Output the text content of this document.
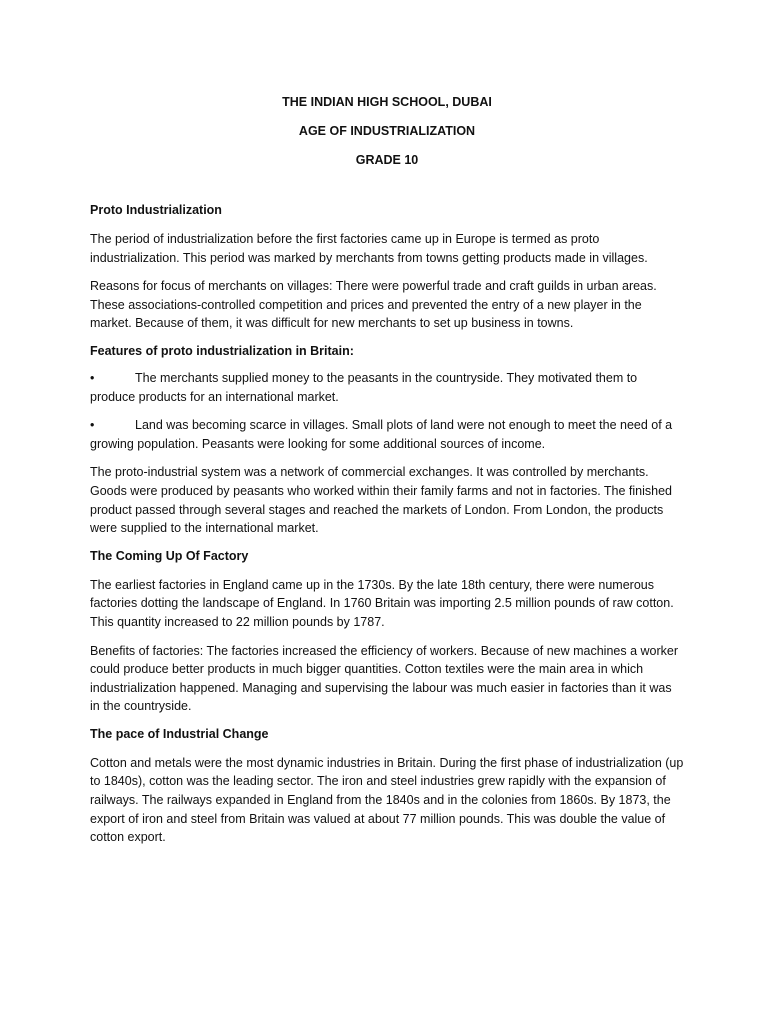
THE INDIAN HIGH SCHOOL, DUBAI

AGE OF INDUSTRIALIZATION

GRADE 10

Proto Industrialization

The period of industrialization before the first factories came up in Europe is termed as proto industrialization. This period was marked by merchants from towns getting products made in villages.

Reasons for focus of merchants on villages: There were powerful trade and craft guilds in urban areas. These associations-controlled competition and prices and prevented the entry of a new player in the market. Because of them, it was difficult for new merchants to set up business in towns.

Features of proto industrialization in Britain:

•	The merchants supplied money to the peasants in the countryside. They motivated them to produce products for an international market.

•	Land was becoming scarce in villages. Small plots of land were not enough to meet the need of a growing population. Peasants were looking for some additional sources of income.

The proto-industrial system was a network of commercial exchanges. It was controlled by merchants. Goods were produced by peasants who worked within their family farms and not in factories. The finished product passed through several stages and reached the markets of London. From London, the products were supplied to the international market.

The Coming Up Of Factory

The earliest factories in England came up in the 1730s. By the late 18th century, there were numerous factories dotting the landscape of England. In 1760 Britain was importing 2.5 million pounds of raw cotton. This quantity increased to 22 million pounds by 1787.

Benefits of factories: The factories increased the efficiency of workers. Because of new machines a worker could produce better products in much bigger quantities. Cotton textiles were the main area in which industrialization happened. Managing and supervising the labour was much easier in factories than it was in the countryside.

The pace of Industrial Change

Cotton and metals were the most dynamic industries in Britain. During the first phase of industrialization (up to 1840s), cotton was the leading sector. The iron and steel industries grew rapidly with the expansion of railways. The railways expanded in England from the 1840s and in the colonies from 1860s. By 1873, the export of iron and steel from Britain was valued at about 77 million pounds. This was double the value of cotton export.
